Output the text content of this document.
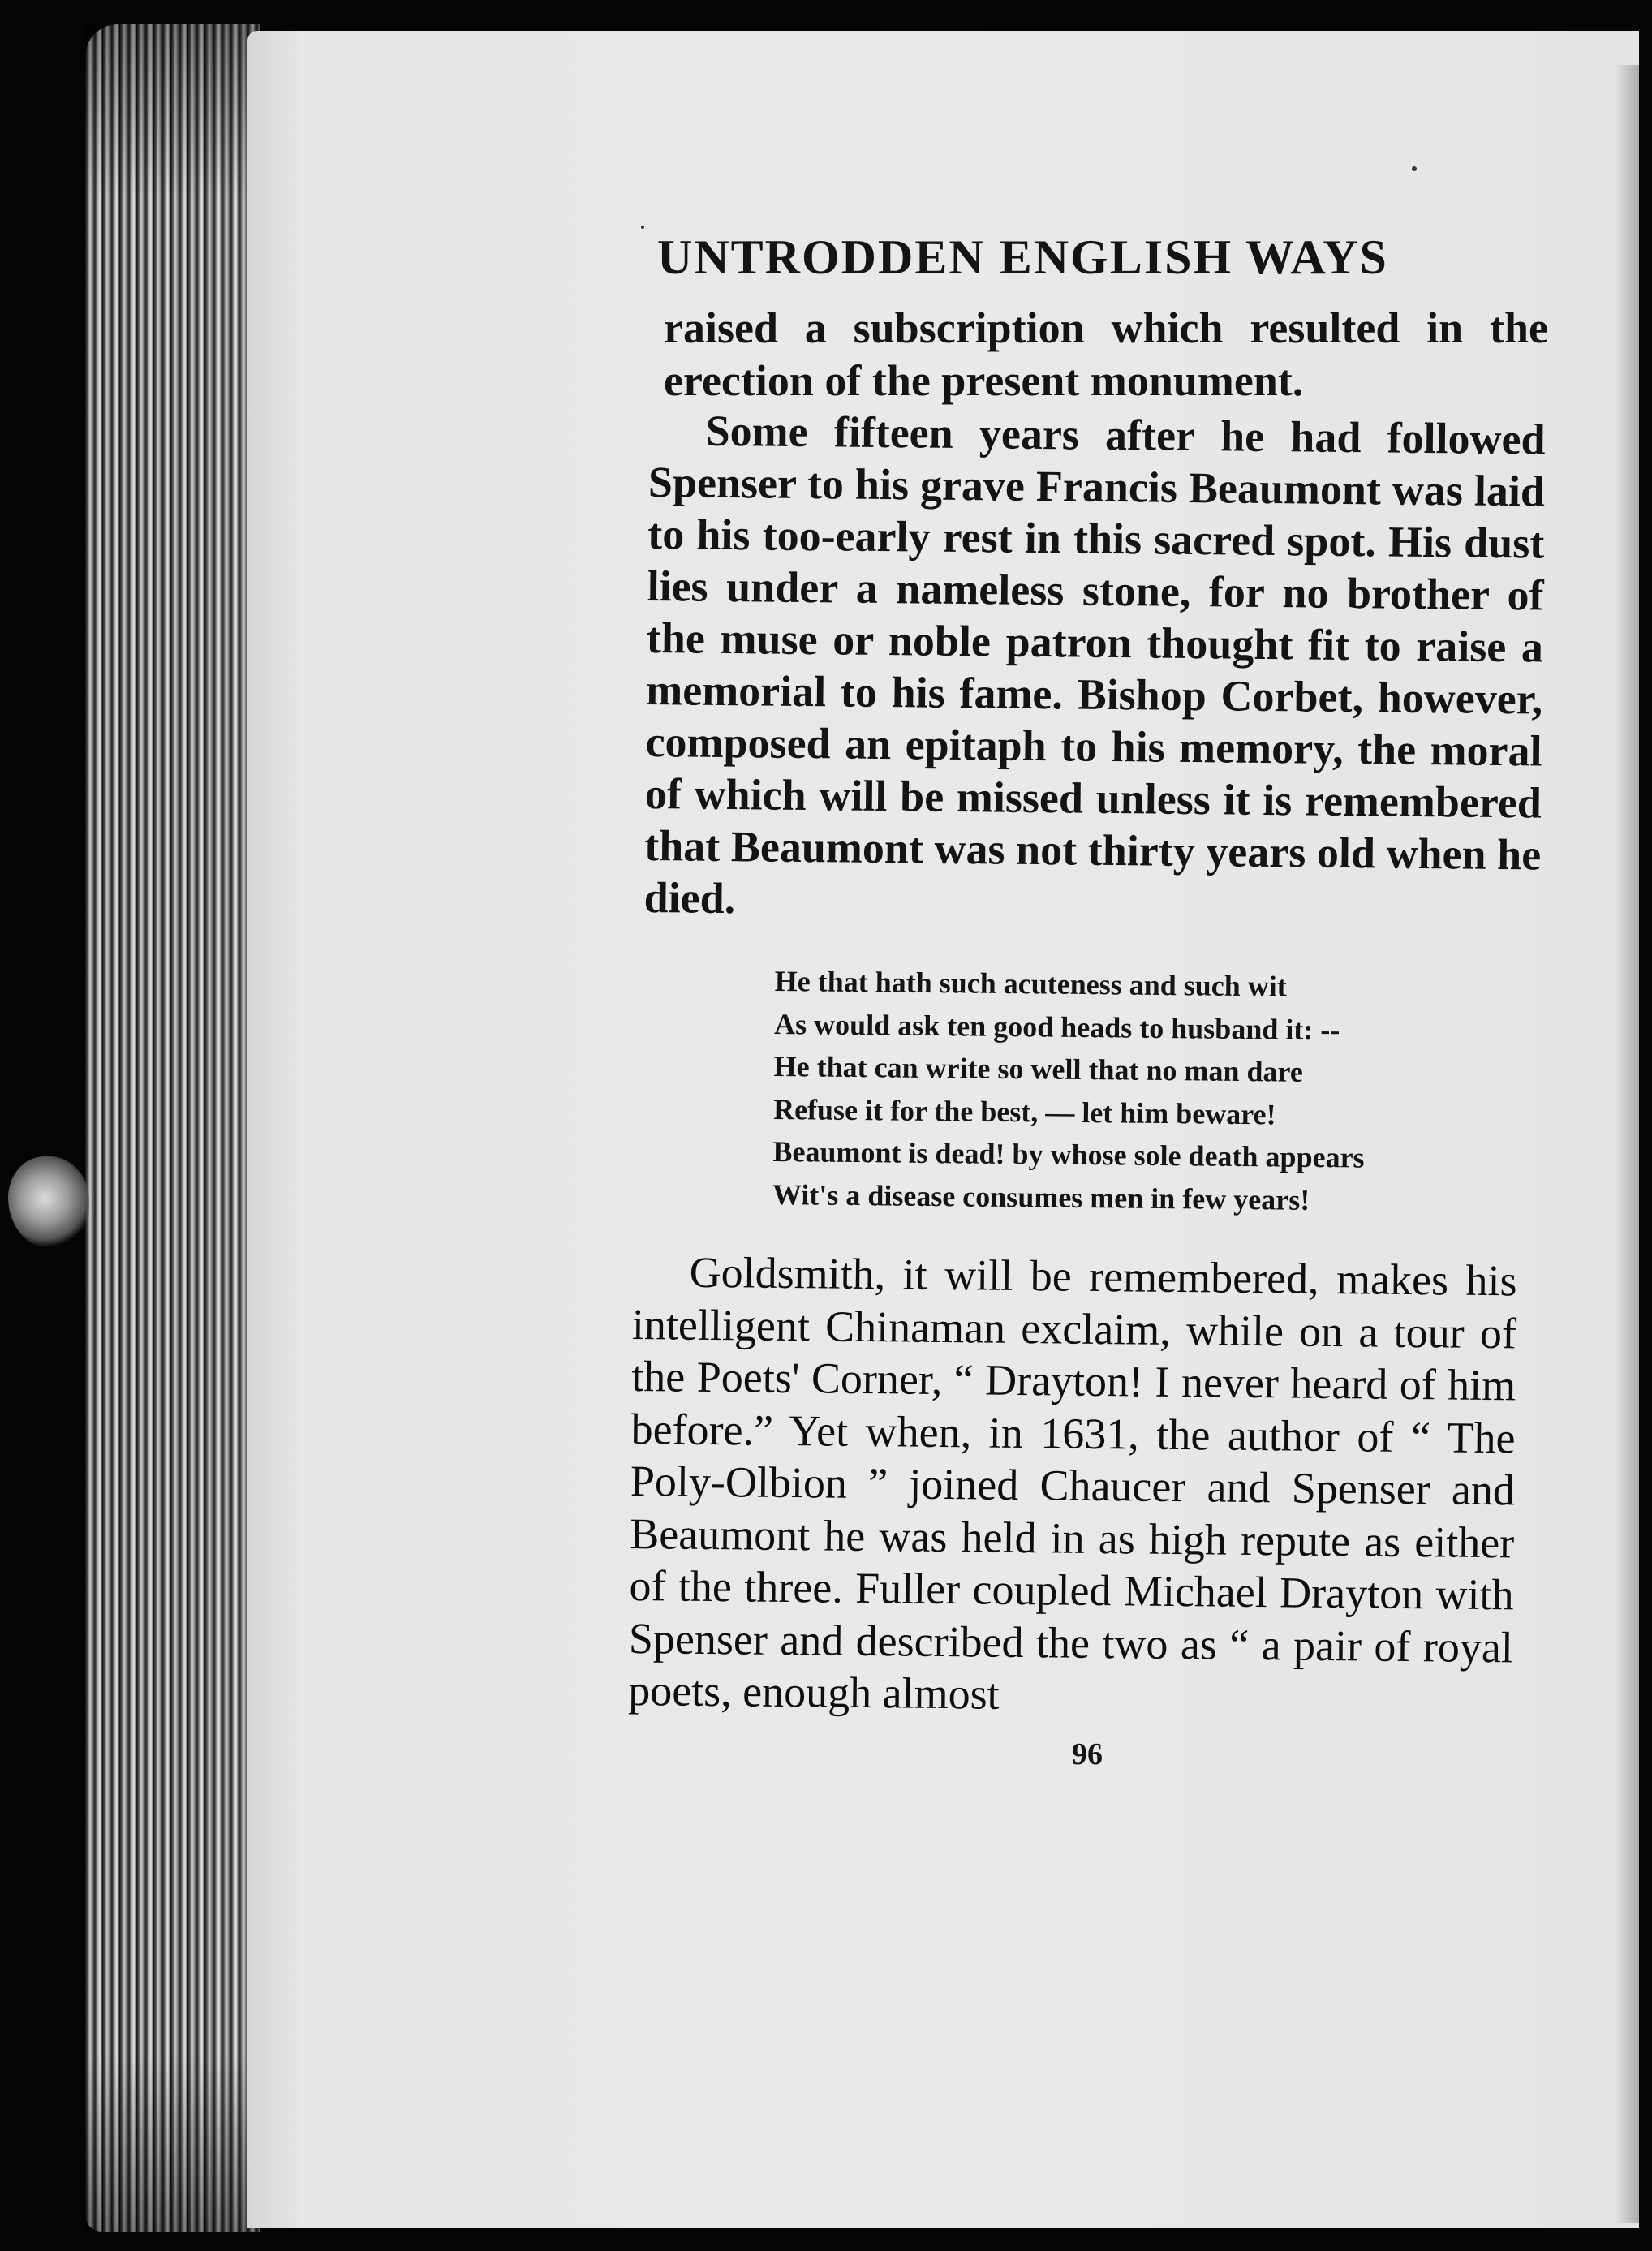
UNTRODDEN ENGLISH WAYS

raised a subscription which resulted in the erection of the present monument.

Some fifteen years after he had followed Spenser to his grave Francis Beaumont was laid to his too-early rest in this sacred spot. His dust lies under a nameless stone, for no brother of the muse or noble patron thought fit to raise a memorial to his fame. Bishop Corbet, however, composed an epitaph to his memory, the moral of which will be missed unless it is remembered that Beaumont was not thirty years old when he died.

He that hath such acuteness and such wit
As would ask ten good heads to husband it: --
He that can write so well that no man dare
Refuse it for the best, — let him beware!
Beaumont is dead! by whose sole death appears
Wit's a disease consumes men in few years!

Goldsmith, it will be remembered, makes his intelligent Chinaman exclaim, while on a tour of the Poets' Corner, “ Drayton! I never heard of him before.” Yet when, in 1631, the author of “ The Poly-Olbion ” joined Chaucer and Spenser and Beaumont he was held in as high repute as either of the three. Fuller coupled Michael Drayton with Spenser and described the two as “ a pair of royal poets, enough almost

96
